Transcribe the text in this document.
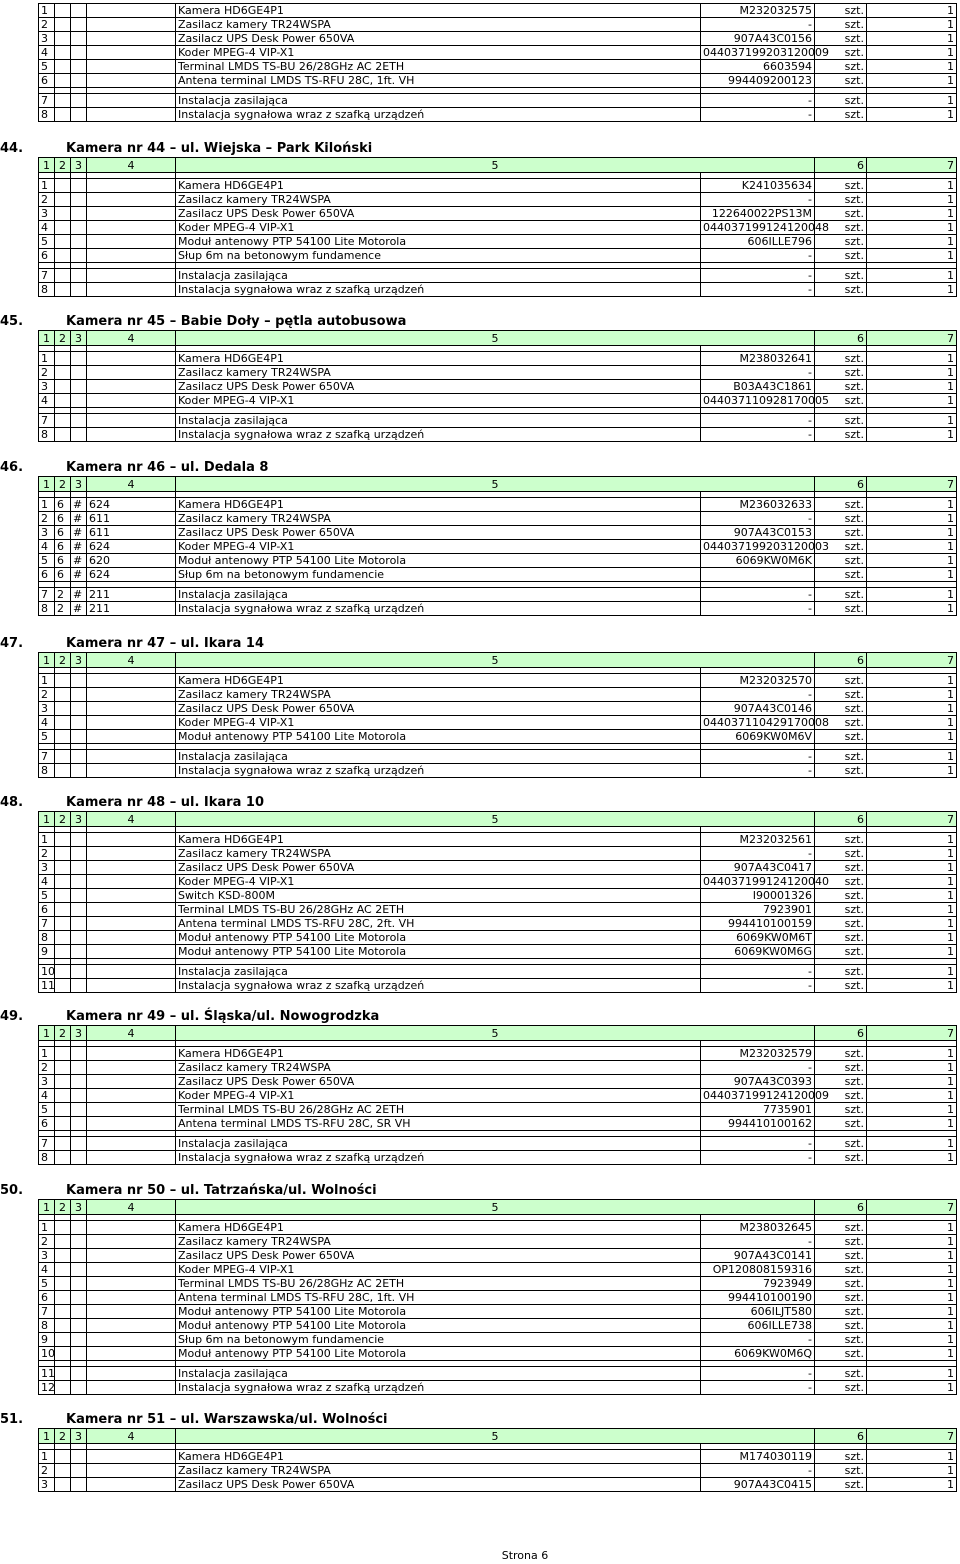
1				Kamera HD6GE4P1	M232032575	szt.	1
2				Zasilacz kamery TR24WSPA	-	szt.	1
3				Zasilacz UPS Desk Power 650VA	907A43C0156	szt.	1
4				Koder MPEG-4 VIP-X1	044037199203120009	szt.	1
5				Terminal LMDS TS-BU 26/28GHz AC 2ETH	6603594	szt.	1
6				Antena terminal LMDS TS-RFU 28C, 1ft. VH	994409200123	szt.	1

7				Instalacja zasilająca	-	szt.	1
8				Instalacja sygnałowa wraz z szafką urządzeń	-	szt.	1
44.	Kamera nr 44 – ul. Wiejska – Park Kiloński
1	2	3	4	5		6	7

1				Kamera HD6GE4P1	K241035634	szt.	1
2				Zasilacz kamery TR24WSPA	-	szt.	1
3				Zasilacz UPS Desk Power 650VA	122640022PS13M	szt.	1
4				Koder MPEG-4 VIP-X1	044037199124120048	szt.	1
5				Moduł antenowy PTP 54100 Lite Motorola	606ILLE796	szt.	1
6				Słup 6m na betonowym fundamence	-	szt.	1

7				Instalacja zasilająca	-	szt.	1
8				Instalacja sygnałowa wraz z szafką urządzeń	-	szt.	1
45.	Kamera nr 45 – Babie Doły – pętla autobusowa
1	2	3	4	5		6	7

1				Kamera HD6GE4P1	M238032641	szt.	1
2				Zasilacz kamery TR24WSPA	-	szt.	1
3				Zasilacz UPS Desk Power 650VA	B03A43C1861	szt.	1
4				Koder MPEG-4 VIP-X1	044037110928170005	szt.	1

7				Instalacja zasilająca	-	szt.	1
8				Instalacja sygnałowa wraz z szafką urządzeń	-	szt.	1
46.	Kamera nr 46 – ul. Dedala 8
1	2	3	4	5		6	7

1	6	#	624	Kamera HD6GE4P1	M236032633	szt.	1
2	6	#	611	Zasilacz kamery TR24WSPA	-	szt.	1
3	6	#	611	Zasilacz UPS Desk Power 650VA	907A43C0153	szt.	1
4	6	#	624	Koder MPEG-4 VIP-X1	044037199203120003	szt.	1
5	6	#	620	Moduł antenowy PTP 54100 Lite Motorola	6069KW0M6K	szt.	1
6	6	#	624	Słup 6m na betonowym fundamencie		szt.	1

7	2	#	211	Instalacja zasilająca	-	szt.	1
8	2	#	211	Instalacja sygnałowa wraz z szafką urządzeń	-	szt.	1
47.	Kamera nr 47 – ul. Ikara 14
1	2	3	4	5		6	7

1				Kamera HD6GE4P1	M232032570	szt.	1
2				Zasilacz kamery TR24WSPA	-	szt.	1
3				Zasilacz UPS Desk Power 650VA	907A43C0146	szt.	1
4				Koder MPEG-4 VIP-X1	044037110429170008	szt.	1
5				Moduł antenowy PTP 54100 Lite Motorola	6069KW0M6V	szt.	1

7				Instalacja zasilająca	-	szt.	1
8				Instalacja sygnałowa wraz z szafką urządzeń	-	szt.	1
48.	Kamera nr 48 – ul. Ikara 10
1	2	3	4	5		6	7

1				Kamera HD6GE4P1	M232032561	szt.	1
2				Zasilacz kamery TR24WSPA	-	szt.	1
3				Zasilacz UPS Desk Power 650VA	907A43C0417	szt.	1
4				Koder MPEG-4 VIP-X1	044037199124120040	szt.	1
5				Switch KSD-800M	I90001326	szt.	1
6				Terminal LMDS TS-BU 26/28GHz AC 2ETH	7923901	szt.	1
7				Antena terminal LMDS TS-RFU 28C, 2ft. VH	994410100159	szt.	1
8				Moduł antenowy PTP 54100 Lite Motorola	6069KW0M6T	szt.	1
9				Moduł antenowy PTP 54100 Lite Motorola	6069KW0M6G	szt.	1

10				Instalacja zasilająca	-	szt.	1
11				Instalacja sygnałowa wraz z szafką urządzeń	-	szt.	1
49.	Kamera nr 49 – ul. Śląska/ul. Nowogrodzka
1	2	3	4	5		6	7

1				Kamera HD6GE4P1	M232032579	szt.	1
2				Zasilacz kamery TR24WSPA	-	szt.	1
3				Zasilacz UPS Desk Power 650VA	907A43C0393	szt.	1
4				Koder MPEG-4 VIP-X1	044037199124120009	szt.	1
5				Terminal LMDS TS-BU 26/28GHz AC 2ETH	7735901	szt.	1
6				Antena terminal LMDS TS-RFU 28C, SR VH	994410100162	szt.	1

7				Instalacja zasilająca	-	szt.	1
8				Instalacja sygnałowa wraz z szafką urządzeń	-	szt.	1
50.	Kamera nr 50 – ul. Tatrzańska/ul. Wolności
1	2	3	4	5		6	7

1				Kamera HD6GE4P1	M238032645	szt.	1
2				Zasilacz kamery TR24WSPA	-	szt.	1
3				Zasilacz UPS Desk Power 650VA	907A43C0141	szt.	1
4				Koder MPEG-4 VIP-X1	OP120808159316	szt.	1
5				Terminal LMDS TS-BU 26/28GHz AC 2ETH	7923949	szt.	1
6				Antena terminal LMDS TS-RFU 28C, 1ft. VH	994410100190	szt.	1
7				Moduł antenowy PTP 54100 Lite Motorola	606ILJT580	szt.	1
8				Moduł antenowy PTP 54100 Lite Motorola	606ILLE738	szt.	1
9				Słup 6m na betonowym fundamencie	-	szt.	1
10				Moduł antenowy PTP 54100 Lite Motorola	6069KW0M6Q	szt.	1

11				Instalacja zasilająca	-	szt.	1
12				Instalacja sygnałowa wraz z szafką urządzeń	-	szt.	1
51.	Kamera nr 51 – ul. Warszawska/ul. Wolności
1	2	3	4	5		6	7

1				Kamera HD6GE4P1	M174030119	szt.	1
2				Zasilacz kamery TR24WSPA	-	szt.	1
3				Zasilacz UPS Desk Power 650VA	907A43C0415	szt.	1
Strona 6
